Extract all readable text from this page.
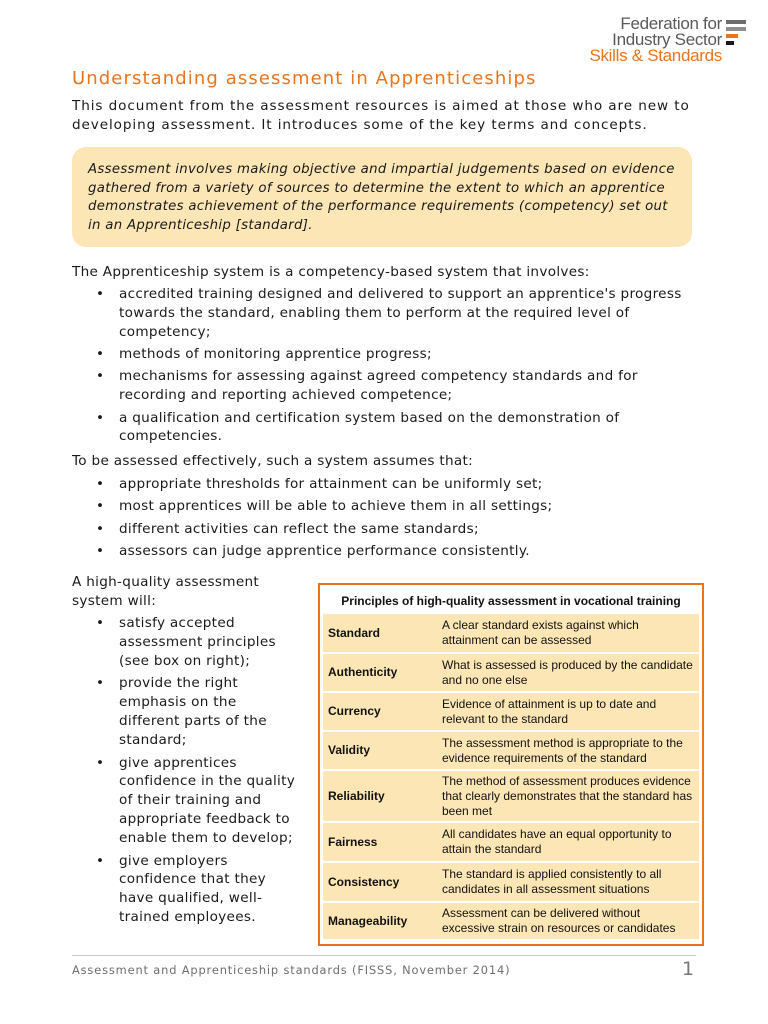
Federation for
Industry Sector
Skills & Standards
Understanding assessment in Apprenticeships

This document from the assessment resources is aimed at those who are new to developing assessment. It introduces some of the key terms and concepts.

Assessment involves making objective and impartial judgements based on evidence gathered from a variety of sources to determine the extent to which an apprentice demonstrates achievement of the performance requirements (competency) set out in an Apprenticeship [standard].

The Apprenticeship system is a competency-based system that involves:

• accredited training designed and delivered to support an apprentice's progress towards the standard, enabling them to perform at the required level of competency;
• methods of monitoring apprentice progress;
• mechanisms for assessing against agreed competency standards and for recording and reporting achieved competence;
• a qualification and certification system based on the demonstration of competencies.

To be assessed effectively, such a system assumes that:

• appropriate thresholds for attainment can be uniformly set;
• most apprentices will be able to achieve them in all settings;
• different activities can reflect the same standards;
• assessors can judge apprentice performance consistently.

A high-quality assessment system will:

• satisfy accepted assessment principles (see box on right);
• provide the right emphasis on the different parts of the standard;
• give apprentices confidence in the quality of their training and appropriate feedback to enable them to develop;
• give employers confidence that they have qualified, well-trained employees.
Principles of high-quality assessment in vocational training
Standard	A clear standard exists against which attainment can be assessed
Authenticity	What is assessed is produced by the candidate and no one else
Currency	Evidence of attainment is up to date and relevant to the standard
Validity	The assessment method is appropriate to the evidence requirements of the standard
Reliability	The method of assessment produces evidence that clearly demonstrates that the standard has been met
Fairness	All candidates have an equal opportunity to attain the standard
Consistency	The standard is applied consistently to all candidates in all assessment situations
Manageability	Assessment can be delivered without excessive strain on resources or candidates

Assessment and Apprenticeship standards (FISSS, November 2014)	1
